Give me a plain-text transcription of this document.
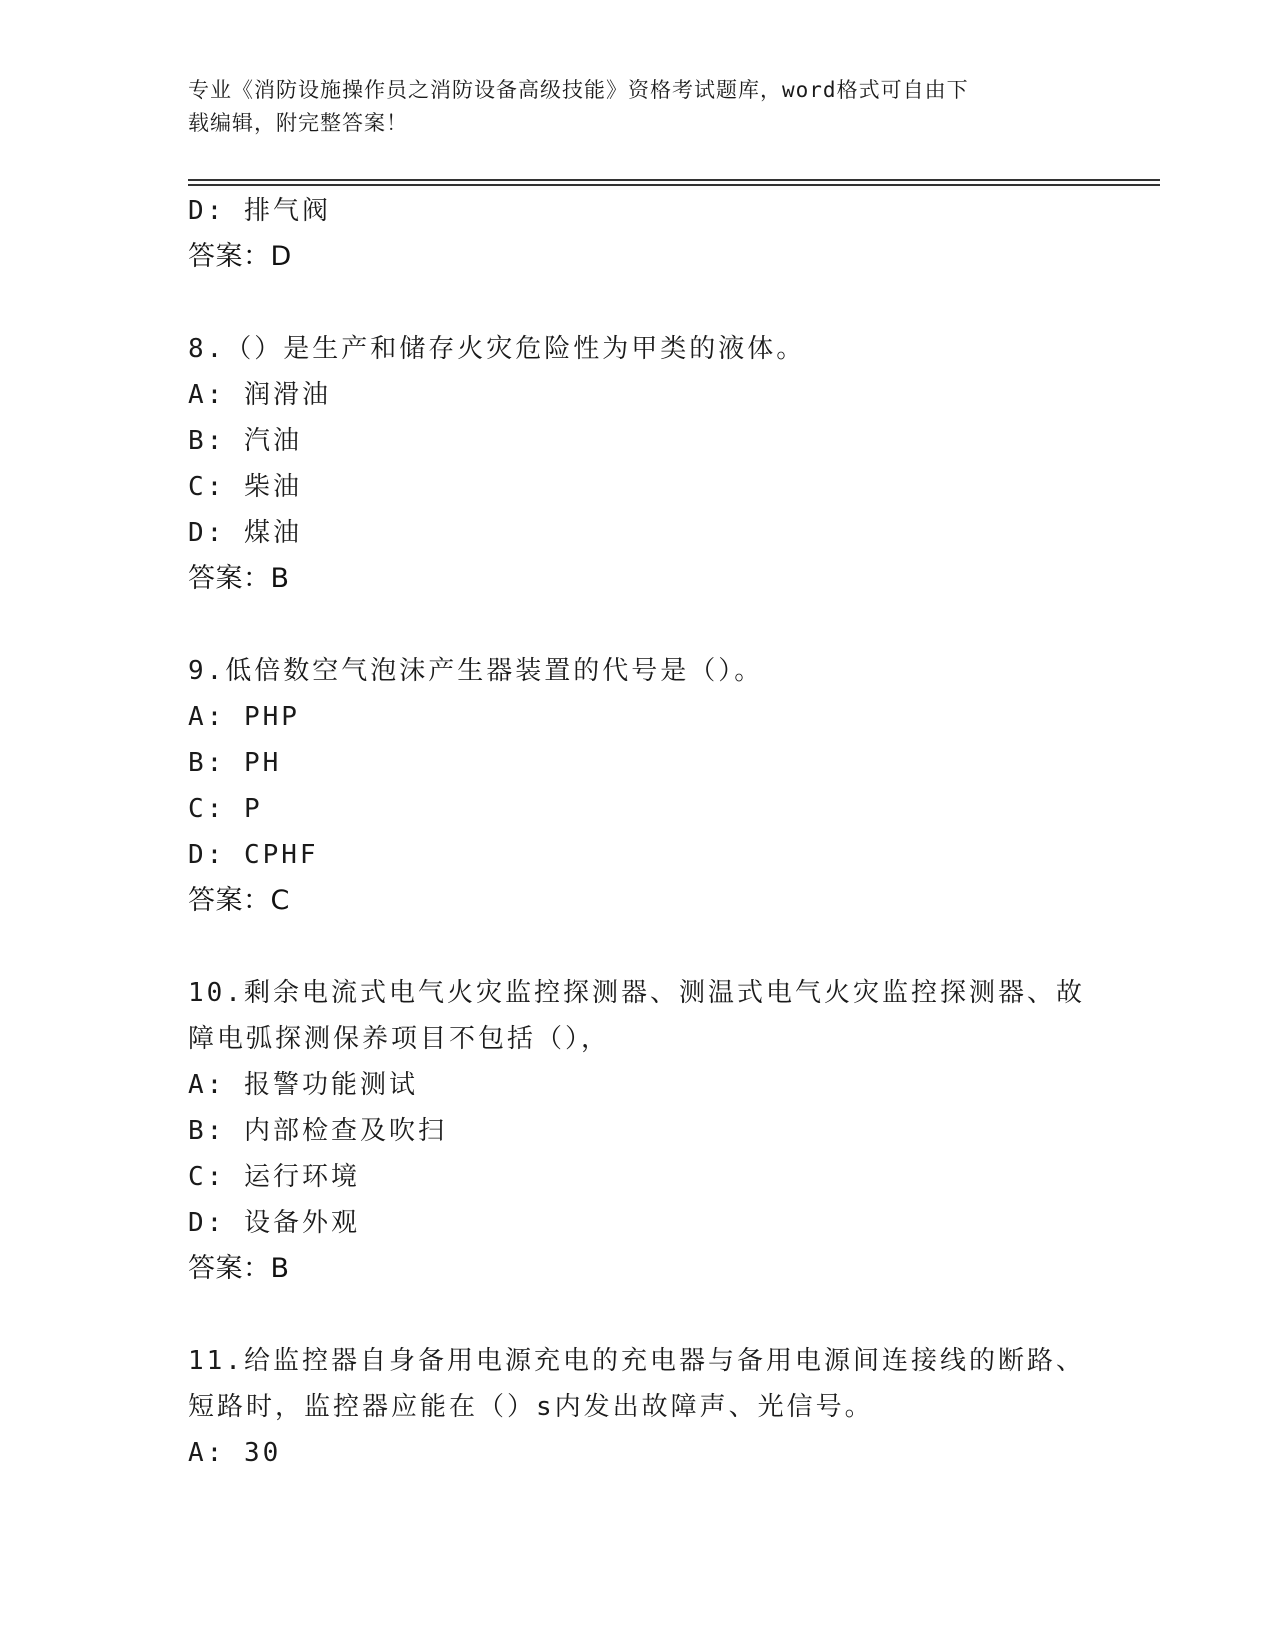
专业《消防设施操作员之消防设备高级技能》资格考试题库，word格式可自由下
载编辑，附完整答案！
D: 排气阀
答案：D
8.（）是生产和储存火灾危险性为甲类的液体。
A: 润滑油
B: 汽油
C: 柴油
D: 煤油
答案：B
9.低倍数空气泡沫产生器装置的代号是（）。
A: PHP
B: PH
C: P
D: CPHF
答案：C
10.剩余电流式电气火灾监控探测器、测温式电气火灾监控探测器、故
障电弧探测保养项目不包括（），
A: 报警功能测试
B: 内部检查及吹扫
C: 运行环境
D: 设备外观
答案：B
11.给监控器自身备用电源充电的充电器与备用电源间连接线的断路、
短路时，监控器应能在（）s内发出故障声、光信号。
A: 30
